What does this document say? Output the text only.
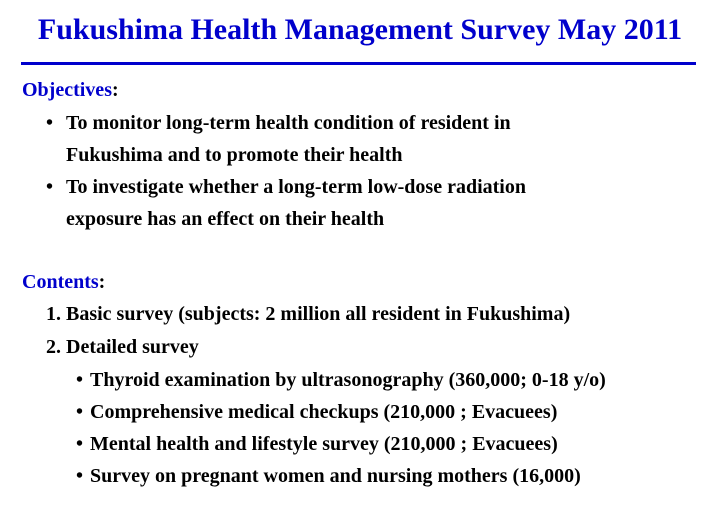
Fukushima Health Management Survey May 2011
Objectives:
• To monitor long-term health condition of resident in
Fukushima and to promote their health
• To investigate whether a long-term low-dose radiation
exposure has an effect on their health
Contents:
1. Basic survey (subjects: 2 million all resident in Fukushima)
2. Detailed survey
• Thyroid examination by ultrasonography (360,000; 0-18 y/o)
• Comprehensive medical checkups (210,000 ; Evacuees)
• Mental health and lifestyle survey (210,000 ; Evacuees)
• Survey on pregnant women and nursing mothers (16,000)
